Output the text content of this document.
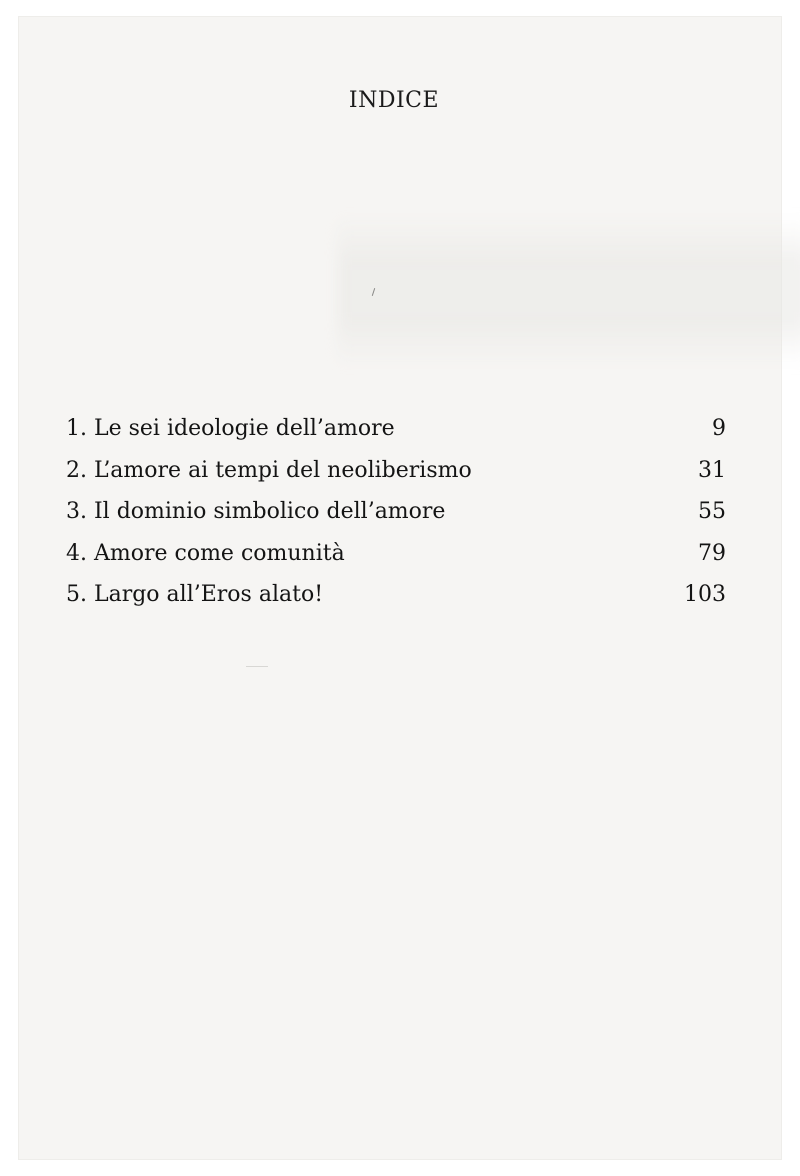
INDICE
1. Le sei ideologie dell’amore	9
2. L’amore ai tempi del neoliberismo	31
3. Il dominio simbolico dell’amore	55
4. Amore come comunità	79
5. Largo all’Eros alato!	103
